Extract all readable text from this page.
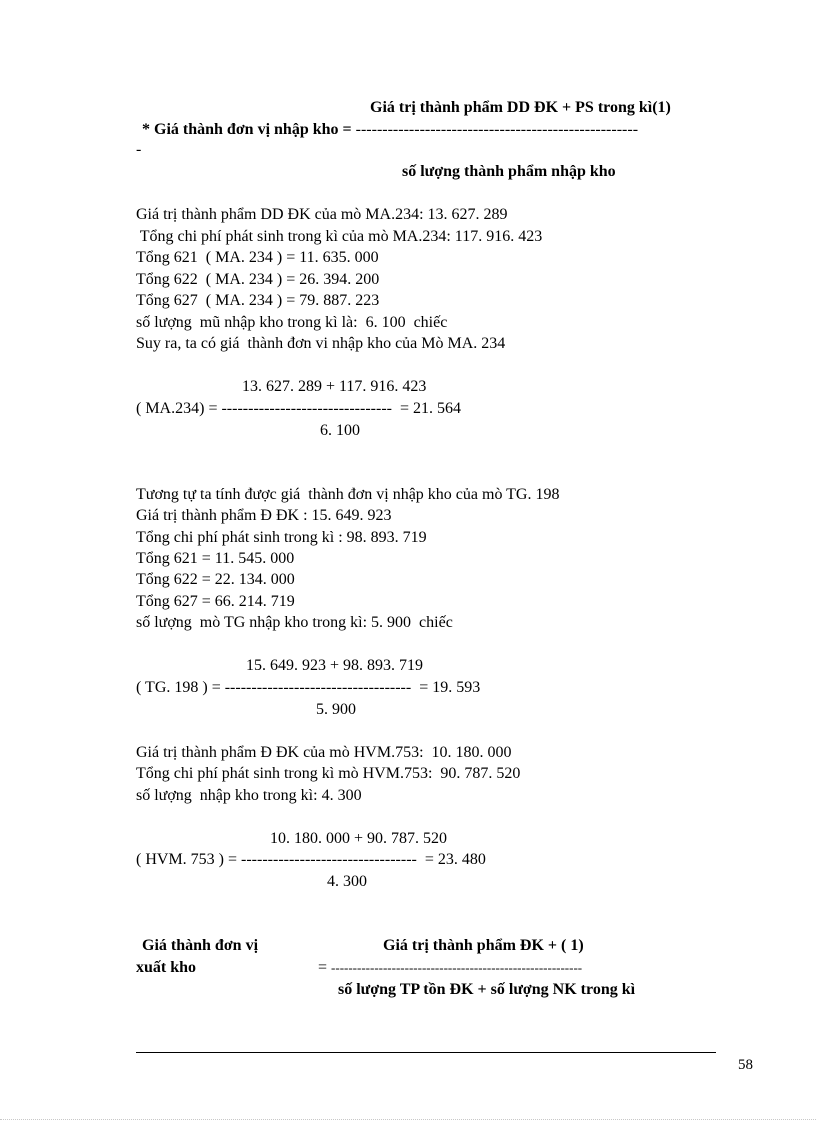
Giá trị thành phẩm DD ĐK + PS trong kì(1)
* Giá thành đơn vị nhập kho = -----------------------------------------------------
-
số lượng thành phẩm nhập kho
Giá trị thành phẩm DD ĐK của mò MA.234: 13. 627. 289
Tổng chi phí phát sinh trong kì của mò MA.234: 117. 916. 423
Tổng 621  ( MA. 234 ) = 11. 635. 000
Tổng 622  ( MA. 234 ) = 26. 394. 200
Tổng 627  ( MA. 234 ) = 79. 887. 223
số lượng  mũ nhập kho trong kì là:  6. 100  chiếc
Suy ra, ta có giá  thành đơn vi nhập kho của Mò MA. 234
13. 627. 289 + 117. 916. 423
( MA.234) = --------------------------------  = 21. 564
6. 100
Tương tự ta tính được giá  thành đơn vị nhập kho của mò TG. 198
Giá trị thành phẩm Đ ĐK : 15. 649. 923
Tổng chi phí phát sinh trong kì : 98. 893. 719
Tổng 621 = 11. 545. 000
Tổng 622 = 22. 134. 000
Tổng 627 = 66. 214. 719
số lượng  mò TG nhập kho trong kì: 5. 900  chiếc
15. 649. 923 + 98. 893. 719
( TG. 198 ) = -----------------------------------  = 19. 593
5. 900
Giá trị thành phẩm Đ ĐK của mò HVM.753:  10. 180. 000
Tổng chi phí phát sinh trong kì mò HVM.753:  90. 787. 520
số lượng  nhập kho trong kì: 4. 300
10. 180. 000 + 90. 787. 520
( HVM. 753 ) = ---------------------------------  = 23. 480
4. 300
Giá thành đơn vị	Giá trị thành phẩm ĐK + ( 1)
xuất kho	= ----------------------------------------------------------
số lượng TP tồn ĐK + số lượng NK trong kì
58
